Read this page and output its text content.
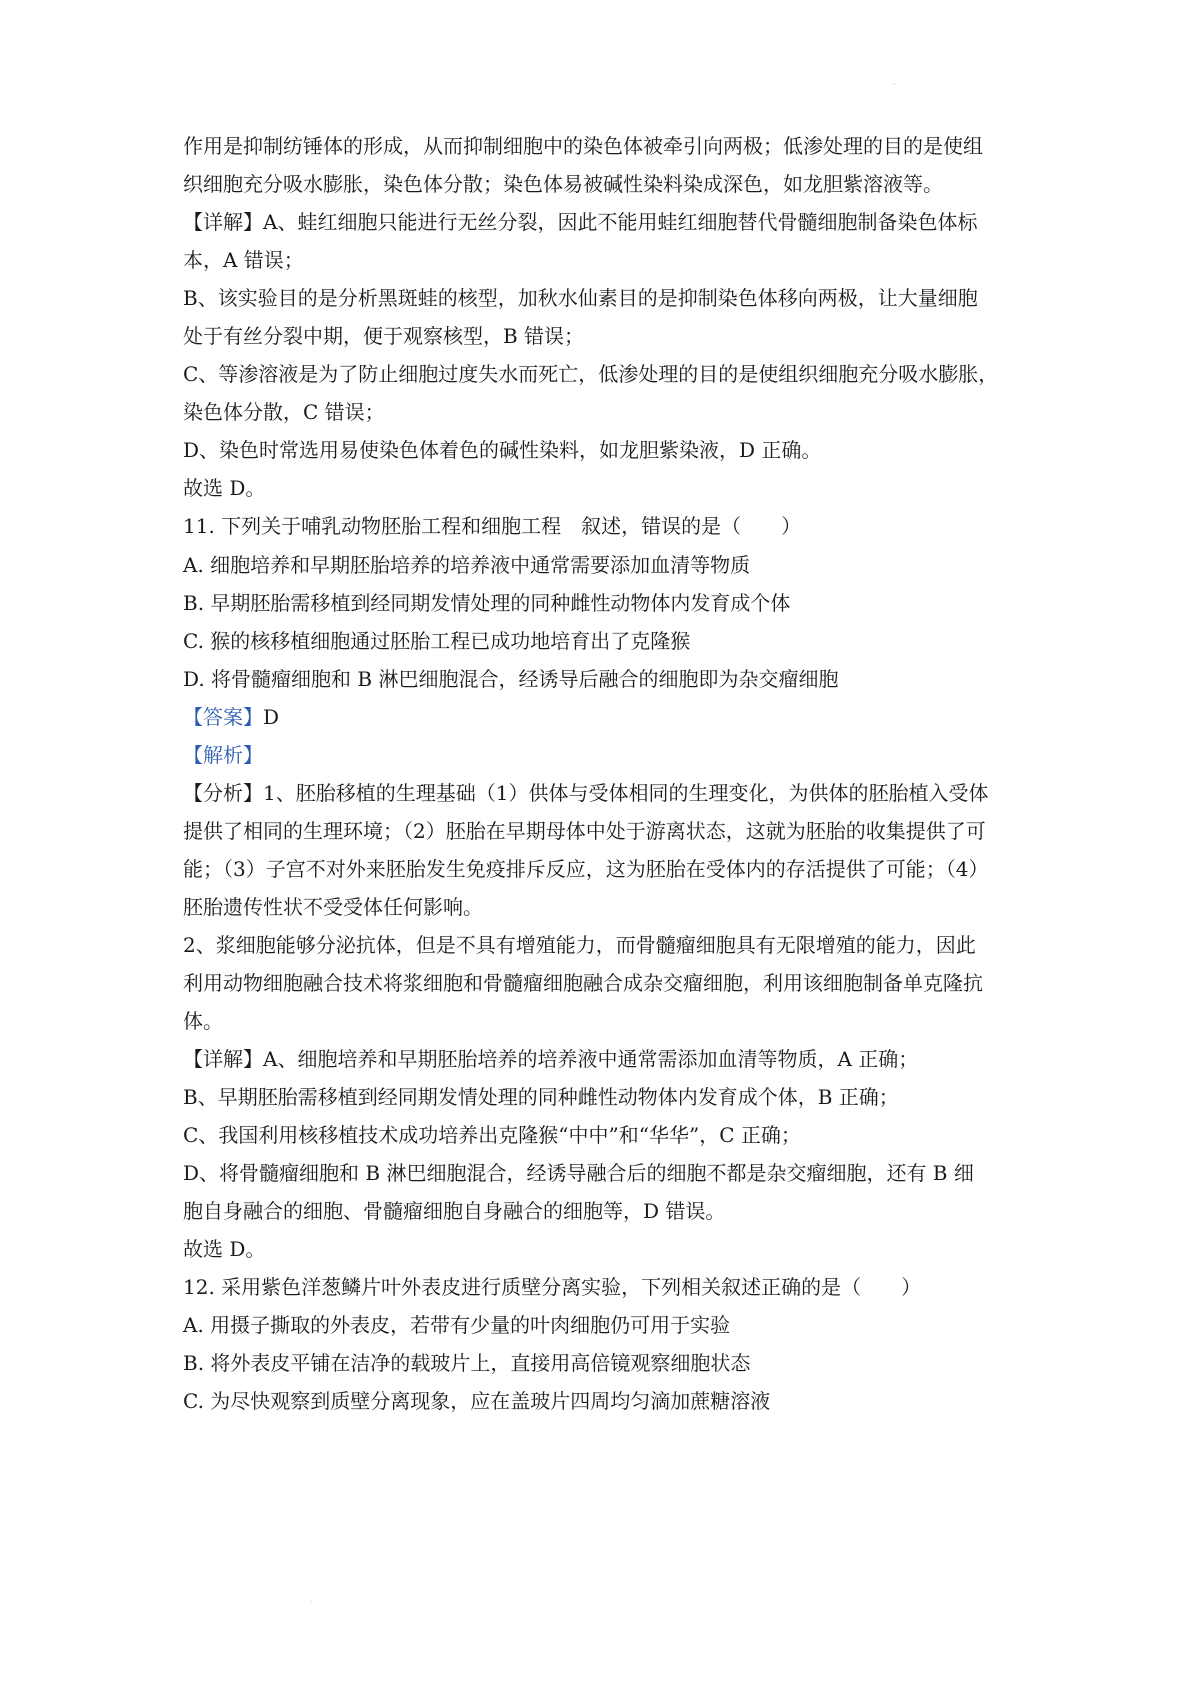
·
·
作用是抑制纺锤体的形成，从而抑制细胞中的染色体被牵引向两极；低渗处理的目的是使组
织细胞充分吸水膨胀，染色体分散；染色体易被碱性染料染成深色，如龙胆紫溶液等。
【详解】A、蛙红细胞只能进行无丝分裂，因此不能用蛙红细胞替代骨髓细胞制备染色体标
本，A 错误；
B、该实验目的是分析黑斑蛙的核型，加秋水仙素目的是抑制染色体移向两极，让大量细胞
处于有丝分裂中期，便于观察核型，B 错误；
C、等渗溶液是为了防止细胞过度失水而死亡，低渗处理的目的是使组织细胞充分吸水膨胀，
染色体分散，C 错误；
D、染色时常选用易使染色体着色的碱性染料，如龙胆紫染液，D 正确。
故选 D。
11. 下列关于哺乳动物胚胎工程和细胞工程　叙述，错误的是（　　）
A. 细胞培养和早期胚胎培养的培养液中通常需要添加血清等物质
B. 早期胚胎需移植到经同期发情处理的同种雌性动物体内发育成个体
C. 猴的核移植细胞通过胚胎工程已成功地培育出了克隆猴
D. 将骨髓瘤细胞和 B 淋巴细胞混合，经诱导后融合的细胞即为杂交瘤细胞
【答案】D
【解析】
【分析】1、胚胎移植的生理基础（1）供体与受体相同的生理变化，为供体的胚胎植入受体
提供了相同的生理环境；（2）胚胎在早期母体中处于游离状态，这就为胚胎的收集提供了可
能；（3）子宫不对外来胚胎发生免疫排斥反应，这为胚胎在受体内的存活提供了可能；（4）
胚胎遗传性状不受受体任何影响。
2、浆细胞能够分泌抗体，但是不具有增殖能力，而骨髓瘤细胞具有无限增殖的能力，因此
利用动物细胞融合技术将浆细胞和骨髓瘤细胞融合成杂交瘤细胞，利用该细胞制备单克隆抗
体。
【详解】A、细胞培养和早期胚胎培养的培养液中通常需添加血清等物质，A 正确；
B、早期胚胎需移植到经同期发情处理的同种雌性动物体内发育成个体，B 正确；
C、我国利用核移植技术成功培养出克隆猴“中中”和“华华”，C 正确；
D、将骨髓瘤细胞和 B 淋巴细胞混合，经诱导融合后的细胞不都是杂交瘤细胞，还有 B 细
胞自身融合的细胞、骨髓瘤细胞自身融合的细胞等，D 错误。
故选 D。
12. 采用紫色洋葱鳞片叶外表皮进行质壁分离实验，下列相关叙述正确的是（　　）
A. 用摄子撕取的外表皮，若带有少量的叶肉细胞仍可用于实验
B. 将外表皮平铺在洁净的载玻片上，直接用高倍镜观察细胞状态
C. 为尽快观察到质壁分离现象，应在盖玻片四周均匀滴加蔗糖溶液
